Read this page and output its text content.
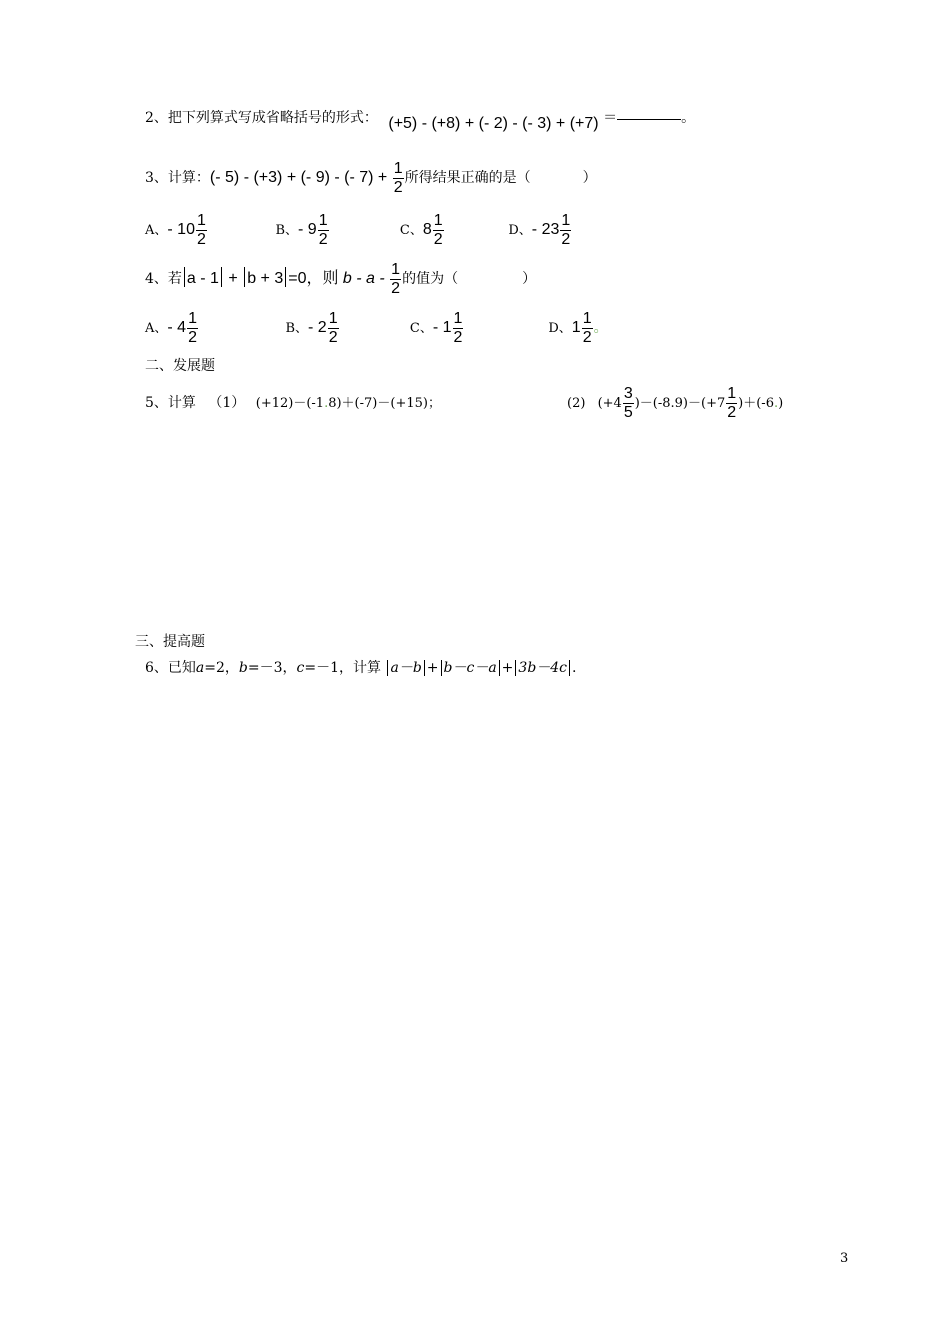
2、把下列算式写成省略括号的形式： (+5) - (+8) + (- 2) - (- 3) + (+7) ＝	。
3、计算：(- 5) - (+3) + (- 9) - (- $7) + \frac{1}{2}$ 所得结果正确的是（	）
A、- $10 \frac{1}{2}$	B、- $9 \frac{1}{2}$	C、$8 \frac{1}{2}$	D、- $23 \frac{1}{2}$
4、若 a - 1 + b + 3 =0，则 b - a - $\frac{1}{2}$ 的值为（	）
A、- $4 \frac{1}{2}$	B、- $2 \frac{1}{2}$	C、- $1 \frac{1}{2}$	D、$1 \frac{1}{2}$ 。
二、发展题
5、计算 （1） (+12)－(-1.8)＋(-7)－(+15)；	(2) $(+4 \frac{3}{5} )-(-8.9)-(+7 \frac{1}{2} )+(-6.)$
三、提高题
6、已知a=2，b=－3，c=－1，计算 a－b + b－c－a + 3b－4c .
3
